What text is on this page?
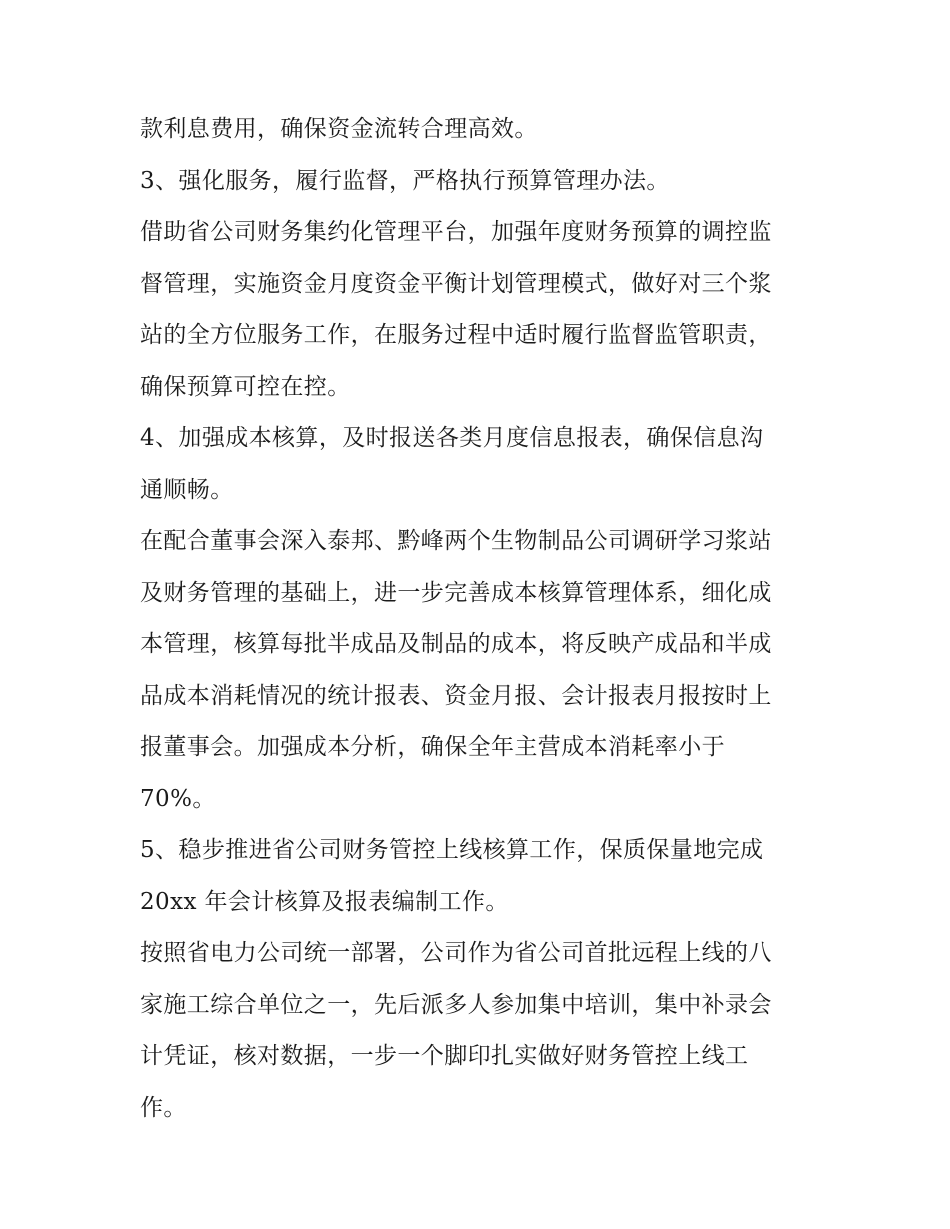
款利息费用，确保资金流转合理高效。
3、强化服务，履行监督，严格执行预算管理办法。
借助省公司财务集约化管理平台，加强年度财务预算的调控监
督管理，实施资金月度资金平衡计划管理模式，做好对三个浆
站的全方位服务工作，在服务过程中适时履行监督监管职责，
确保预算可控在控。
4、加强成本核算，及时报送各类月度信息报表，确保信息沟
通顺畅。
在配合董事会深入泰邦、黔峰两个生物制品公司调研学习浆站
及财务管理的基础上，进一步完善成本核算管理体系，细化成
本管理，核算每批半成品及制品的成本，将反映产成品和半成
品成本消耗情况的统计报表、资金月报、会计报表月报按时上
报董事会。加强成本分析，确保全年主营成本消耗率小于
70%。
5、稳步推进省公司财务管控上线核算工作，保质保量地完成
20xx 年会计核算及报表编制工作。
按照省电力公司统一部署，公司作为省公司首批远程上线的八
家施工综合单位之一，先后派多人参加集中培训，集中补录会
计凭证，核对数据，一步一个脚印扎实做好财务管控上线工
作。
